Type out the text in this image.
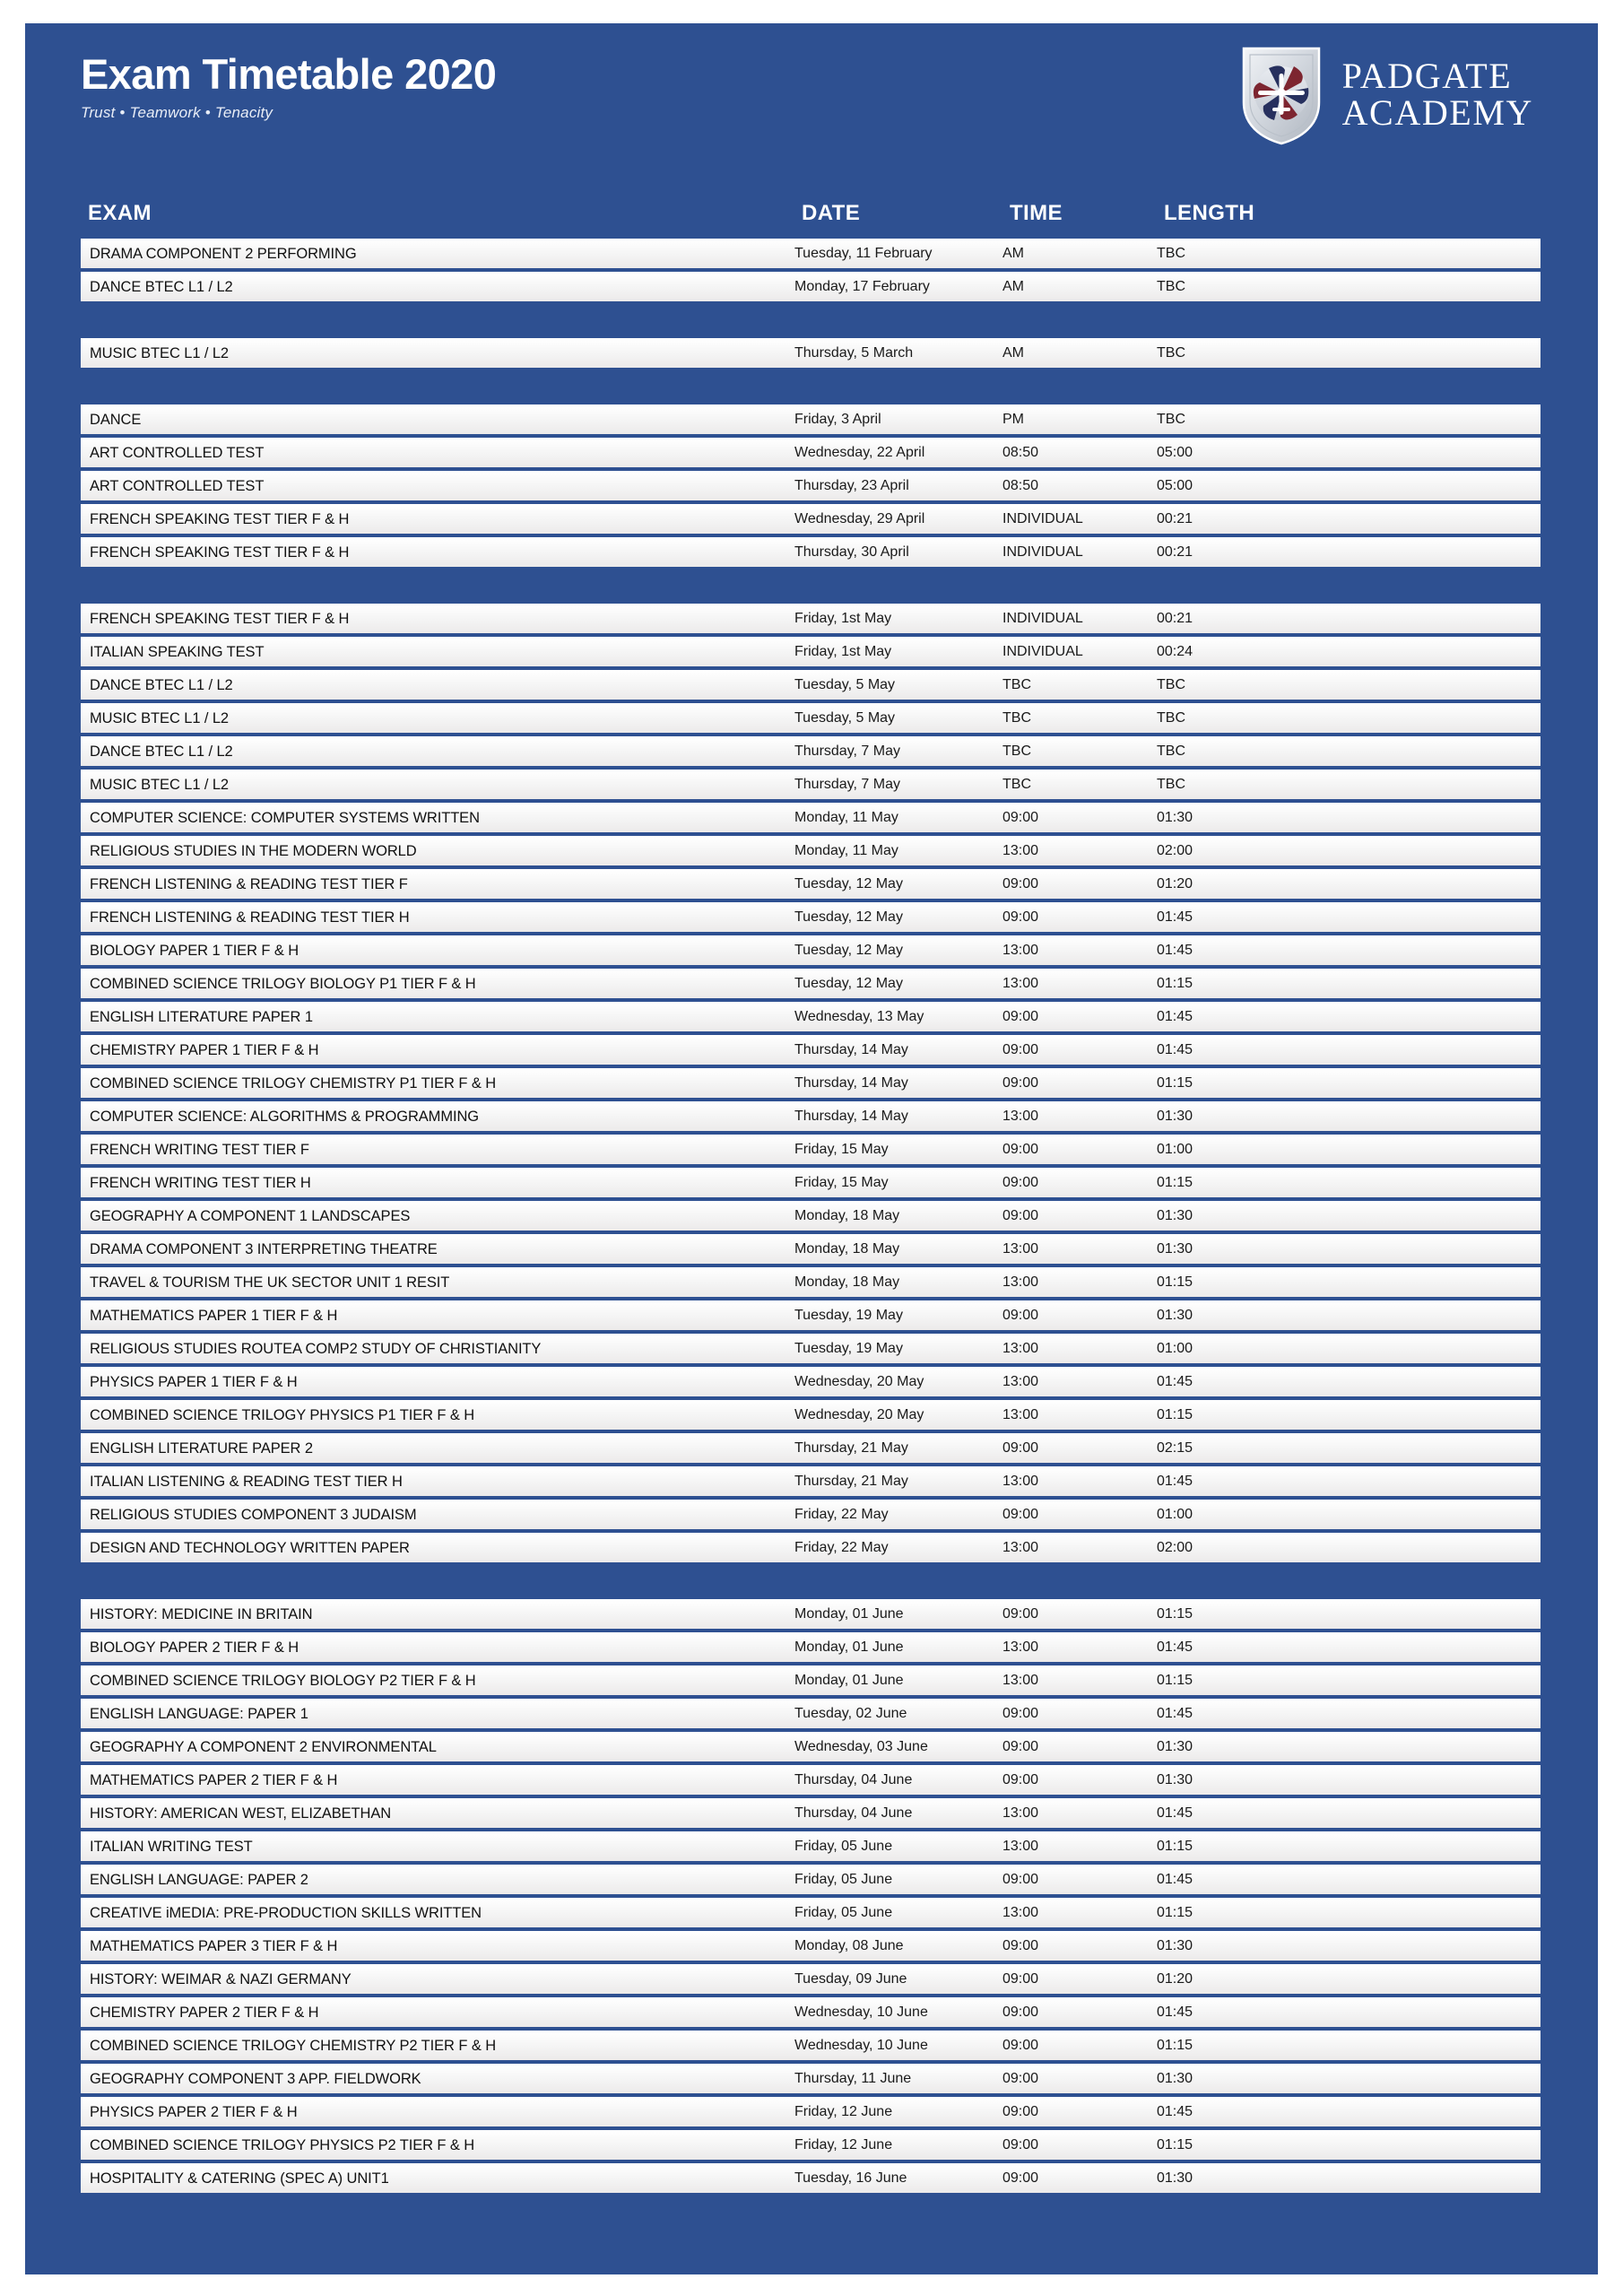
Exam Timetable 2020
Trust • Teamwork • Tenacity
PADGATE
ACADEMY
EXAM	DATE	TIME	LENGTH
DRAMA COMPONENT 2 PERFORMING	Tuesday, 11 February	AM	TBC
DANCE BTEC L1 / L2	Monday, 17 February	AM	TBC
MUSIC BTEC L1 / L2	Thursday, 5 March	AM	TBC
DANCE	Friday, 3 April	PM	TBC
ART CONTROLLED TEST	Wednesday, 22 April	08:50	05:00
ART CONTROLLED TEST	Thursday, 23 April	08:50	05:00
FRENCH SPEAKING TEST TIER F & H	Wednesday, 29 April	INDIVIDUAL	00:21
FRENCH SPEAKING TEST TIER F & H	Thursday, 30 April	INDIVIDUAL	00:21
FRENCH SPEAKING TEST TIER F & H	Friday, 1st May	INDIVIDUAL	00:21
ITALIAN SPEAKING TEST	Friday, 1st May	INDIVIDUAL	00:24
DANCE BTEC L1 / L2	Tuesday, 5 May	TBC	TBC
MUSIC BTEC L1 / L2	Tuesday, 5 May	TBC	TBC
DANCE BTEC L1 / L2	Thursday, 7 May	TBC	TBC
MUSIC BTEC L1 / L2	Thursday, 7 May	TBC	TBC
COMPUTER SCIENCE: COMPUTER SYSTEMS WRITTEN	Monday, 11 May	09:00	01:30
RELIGIOUS STUDIES IN THE MODERN WORLD	Monday, 11 May	13:00	02:00
FRENCH LISTENING & READING TEST TIER F	Tuesday, 12 May	09:00	01:20
FRENCH LISTENING & READING TEST TIER H	Tuesday, 12 May	09:00	01:45
BIOLOGY PAPER 1 TIER F & H	Tuesday, 12 May	13:00	01:45
COMBINED SCIENCE TRILOGY BIOLOGY P1 TIER F & H	Tuesday, 12 May	13:00	01:15
ENGLISH LITERATURE PAPER 1	Wednesday, 13 May	09:00	01:45
CHEMISTRY PAPER 1 TIER F & H	Thursday, 14 May	09:00	01:45
COMBINED SCIENCE TRILOGY CHEMISTRY P1 TIER F & H	Thursday, 14 May	09:00	01:15
COMPUTER SCIENCE: ALGORITHMS & PROGRAMMING	Thursday, 14 May	13:00	01:30
FRENCH WRITING TEST TIER F	Friday, 15 May	09:00	01:00
FRENCH WRITING TEST TIER H	Friday, 15 May	09:00	01:15
GEOGRAPHY A COMPONENT 1 LANDSCAPES	Monday, 18 May	09:00	01:30
DRAMA COMPONENT 3 INTERPRETING THEATRE	Monday, 18 May	13:00	01:30
TRAVEL & TOURISM THE UK SECTOR UNIT 1 RESIT	Monday, 18 May	13:00	01:15
MATHEMATICS PAPER 1 TIER F & H	Tuesday, 19 May	09:00	01:30
RELIGIOUS STUDIES ROUTEA COMP2 STUDY OF CHRISTIANITY	Tuesday, 19 May	13:00	01:00
PHYSICS PAPER 1 TIER F & H	Wednesday, 20 May	13:00	01:45
COMBINED SCIENCE TRILOGY PHYSICS P1 TIER F & H	Wednesday, 20 May	13:00	01:15
ENGLISH LITERATURE PAPER 2	Thursday, 21 May	09:00	02:15
ITALIAN LISTENING & READING TEST TIER H	Thursday, 21 May	13:00	01:45
RELIGIOUS STUDIES COMPONENT 3 JUDAISM	Friday, 22 May	09:00	01:00
DESIGN AND TECHNOLOGY WRITTEN PAPER	Friday, 22 May	13:00	02:00
HISTORY: MEDICINE IN BRITAIN	Monday, 01 June	09:00	01:15
BIOLOGY PAPER 2 TIER F & H	Monday, 01 June	13:00	01:45
COMBINED SCIENCE TRILOGY BIOLOGY P2 TIER F & H	Monday, 01 June	13:00	01:15
ENGLISH LANGUAGE: PAPER 1	Tuesday, 02 June	09:00	01:45
GEOGRAPHY A COMPONENT 2 ENVIRONMENTAL	Wednesday, 03 June	09:00	01:30
MATHEMATICS PAPER 2 TIER F & H	Thursday, 04 June	09:00	01:30
HISTORY: AMERICAN WEST, ELIZABETHAN	Thursday, 04 June	13:00	01:45
ITALIAN WRITING TEST	Friday, 05 June	13:00	01:15
ENGLISH LANGUAGE: PAPER 2	Friday, 05 June	09:00	01:45
CREATIVE iMEDIA: PRE-PRODUCTION SKILLS WRITTEN	Friday, 05 June	13:00	01:15
MATHEMATICS PAPER 3 TIER F & H	Monday, 08 June	09:00	01:30
HISTORY: WEIMAR & NAZI GERMANY	Tuesday, 09 June	09:00	01:20
CHEMISTRY PAPER 2 TIER F & H	Wednesday, 10 June	09:00	01:45
COMBINED SCIENCE TRILOGY CHEMISTRY P2 TIER F & H	Wednesday, 10 June	09:00	01:15
GEOGRAPHY COMPONENT 3 APP. FIELDWORK	Thursday, 11 June	09:00	01:30
PHYSICS PAPER 2 TIER F & H	Friday, 12 June	09:00	01:45
COMBINED SCIENCE TRILOGY PHYSICS P2 TIER F & H	Friday, 12 June	09:00	01:15
HOSPITALITY & CATERING (SPEC A) UNIT1	Tuesday, 16 June	09:00	01:30
